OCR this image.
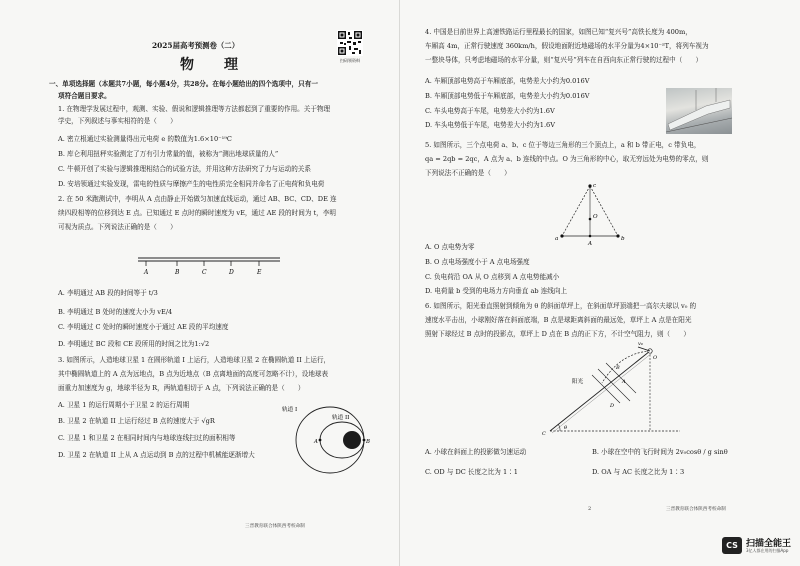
2025届高考预测卷（二）
扫码领资料
物　理
一、单项选择题（本题共7小题，每小题4分，共28分。在每小题给出的四个选项中，只有一
项符合题目要求。
1. 在物理学发展过程中，观测、实验、假说和逻辑推理等方法都起到了重要的作用。关于物理
学史，下列叙述与事实相符的是（　　）
A. 密立根通过实验测量得出元电荷 e 的数值为1.6×10⁻¹⁹C
B. 库仑利用扭秤实验测定了万有引力常量的值，被称为“测出地球质量的人”
C. 牛顿开创了实验与逻辑推理相结合的试验方法，并用这种方法研究了力与运动的关系
D. 安培领通过实验发现，雷电的性质与摩擦产生的电性质完全相同并命名了正电荷和负电荷
2. 在 50 米跑测试中，李明从 A 点由静止开始做匀加速直线运动，通过 AB、BC、CD、DE 连
续四段相等的位移到达 E 点。已知通过 E 点时的瞬时速度为 vE，通过 AE 段的时间为 t，李明
可视为质点。下列说法正确的是（　　）
A	B	C	D	E
A. 李明通过 AB 段的时间等于 t/3
B. 李明通过 B 处时的速度大小为 vE/4
C. 李明通过 C 处时的瞬时速度小于通过 AE 段的平均速度
D. 李明通过 BC 段和 CE 段所用的时间之比为1:√2
3. 如图所示，人造地球卫星 1 在圆形轨道 I 上运行，人造地球卫星 2 在椭圆轨道 II 上运行，
其中椭圆轨道上的 A 点为远地点，B 点为近地点（B 点离地面的高度可忽略不计），设地球表
面重力加速度为 g，地球半径为 R，两轨道相切于 A 点，下列说法正确的是（　　）
A. 卫星 1 的运行周期小于卫星 2 的运行周期
B. 卫星 2 在轨道 II 上运行经过 B 点的速度大于 √gR
C. 卫星 1 和卫星 2 在相同时间内与地球连线扫过的面积相等
D. 卫星 2 在轨道 II 上从 A 点运动到 B 点的过程中机械能逐渐增大
轨道 I
轨道 II
A	B
三晋教育联合体陕西考校命制
4. 中国是目前世界上高速铁路运行里程最长的国家，如图已知“复兴号”高铁长度为 400m，
车厢高 4m，正常行驶速度 360km/h，假设地面附近地磁场的水平分量为4×10⁻⁵T，将列车视为
一整块导体，只考虑地磁场的水平分量，则“复兴号”列车在自西向东正常行驶的过程中（　　）
A. 车厢顶部电势高于车厢底部，电势差大小约为0.016V
B. 车厢顶部电势低于车厢底部，电势差大小约为0.016V
C. 车头电势高于车尾，电势差大小约为1.6V
D. 车头电势低于车尾，电势差大小约为1.6V
5. 如图所示，三个点电荷 a、b、c 位于等边三角形的三个顶点上，a 和 b 带正电，c 带负电，
qa = 2qb = 2qc，A 点为 a、b 连线的中点。O 为三角形的中心，取无穷远处为电势的零点，则
下列说法不正确的是（　　）
c
a	b
O
A
A. O 点电势为零
B. O 点电场强度小于 A 点电场强度
C. 负电荷沿 OA 从 O 点移到 A 点电势能减小
D. 电荷量 b 受到的电场力方向垂直 ab 连线向上
6. 如图所示，阳光垂直照射到倾角为 θ 的斜面草坪上，在斜面草坪顶端把一高尔夫球以 v₀ 的
速度水平击出，小球刚好落在斜面底端，B 点是球距离斜面的最远处，草坪上 A 点是在阳光
照射下球经过 B 点时的投影点，草坪上 D 点在 B 点的正下方，不计空气阻力，则（　　）
v₀
阳光
B
A
O
D
C
θ
A. 小球在斜面上的投影做匀速运动	B. 小球在空中的飞行时间为 2v₀cosθ / g sinθ
C. OD 与 DC 长度之比为 1∶1	D. OA 与 AC 长度之比为 1∶3
2	三晋教育联合体陕西考校命制
CS 扫描全能王
3亿人都在用的扫描App
